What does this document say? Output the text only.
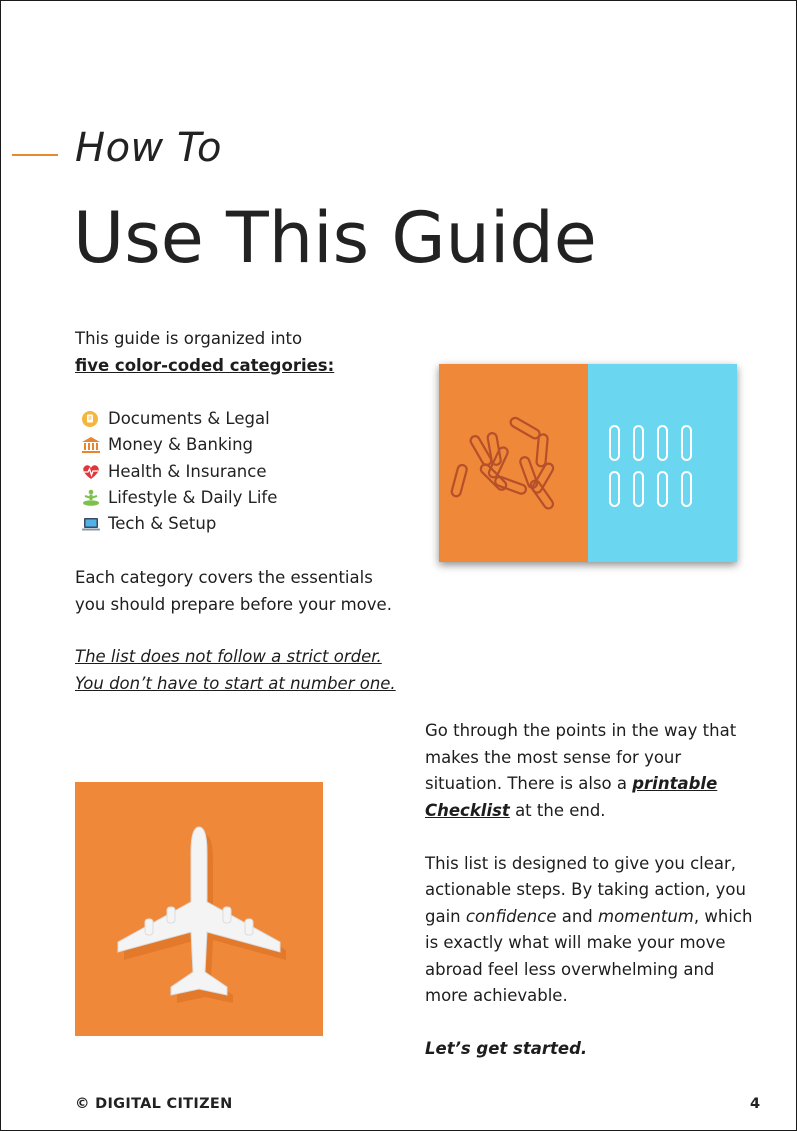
How To
Use This Guide
This guide is organized into
five color-coded categories:
Documents & Legal
Money & Banking
Health & Insurance
Lifestyle & Daily Life
Tech & Setup
Each category covers the essentials
you should prepare before your move.
The list does not follow a strict order.
You don’t have to start at number one.

Go through the points in the way that
makes the most sense for your
situation. There is also a printable
Checklist at the end.

This list is designed to give you clear,
actionable steps. By taking action, you
gain confidence and momentum, which
is exactly what will make your move
abroad feel less overwhelming and
more achievable.

Let’s get started.

© DIGITAL CITIZEN	4
